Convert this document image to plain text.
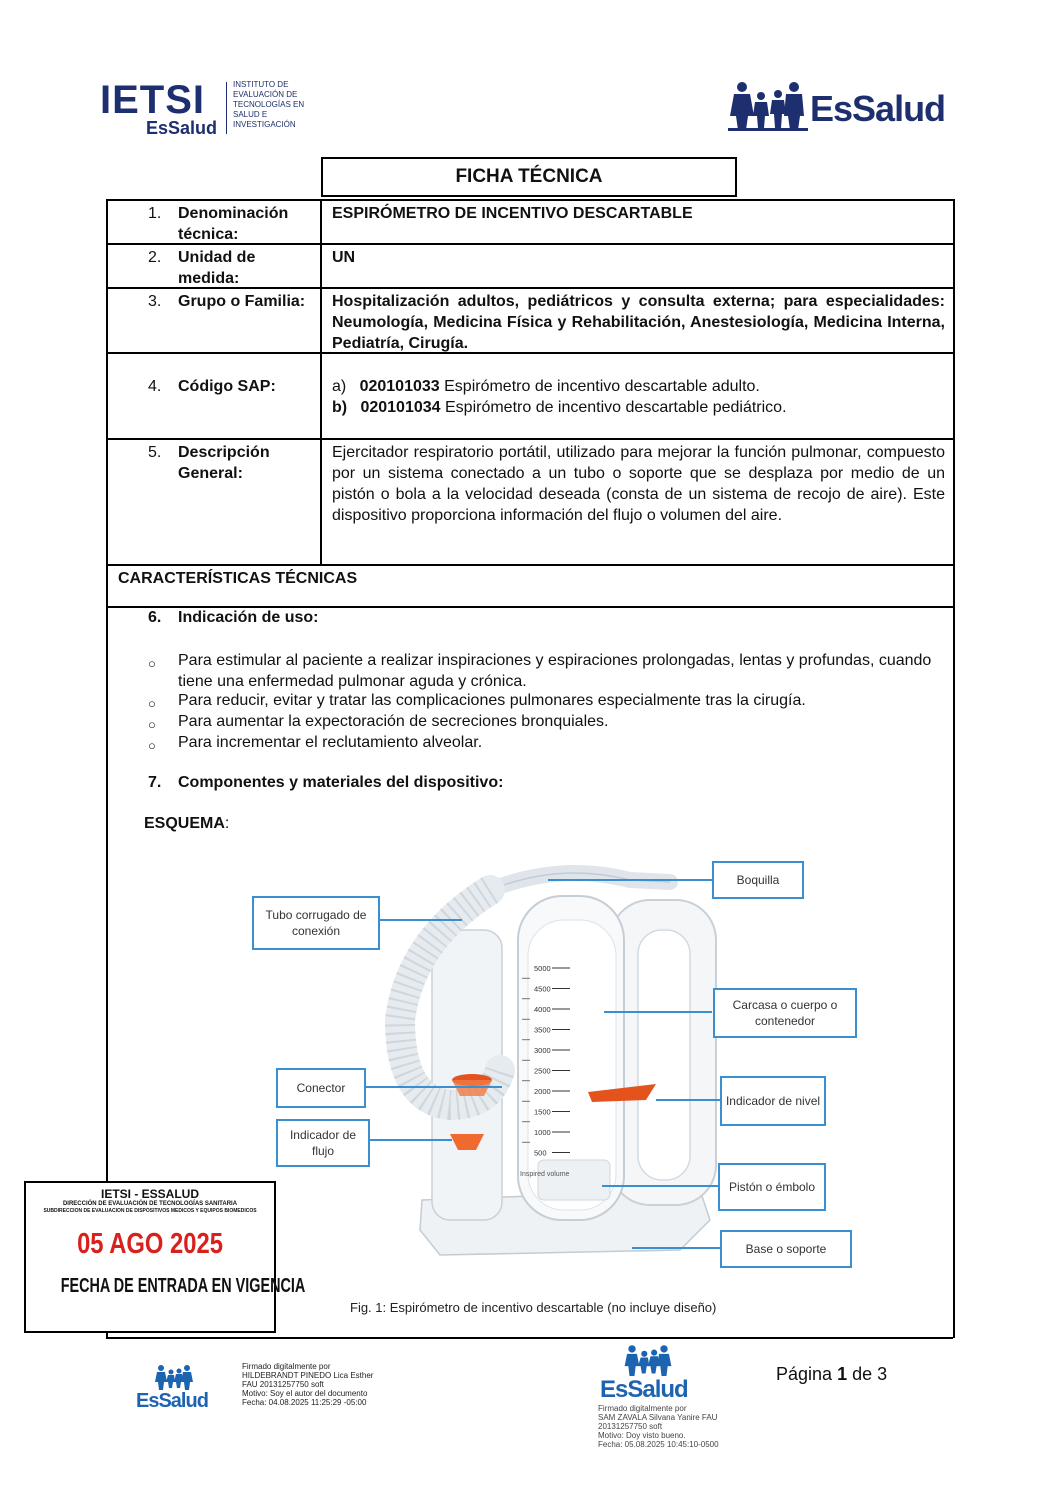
IETSI
EsSalud
INSTITUTO DE EVALUACIÓN DE TECNOLOGÍAS EN SALUD E INVESTIGACIÓN	EsSalud
FICHA TÉCNICA
1. Denominación técnica:
ESPIRÓMETRO DE INCENTIVO DESCARTABLE
2. Unidad de medida:
UN
3. Grupo o Familia:	Hospitalización adultos, pediátricos y consulta externa; para especialidades: Neumología, Medicina Física y Rehabilitación, Anestesiología, Medicina Interna, Pediatría, Cirugía.
4. Código SAP:	a) 020101033 Espirómetro de incentivo descartable adulto.
b) 020101034 Espirómetro de incentivo descartable pediátrico.
5. Descripción General:
Ejercitador respiratorio portátil, utilizado para mejorar la función pulmonar, compuesto por un sistema conectado a un tubo o soporte que se desplaza por medio de un pistón o bola a la velocidad deseada (consta de un sistema de recojo de aire). Este dispositivo proporciona información del flujo o volumen del aire.
CARACTERÍSTICAS TÉCNICAS
6. Indicación de uso:
○ Para estimular al paciente a realizar inspiraciones y espiraciones prolongadas, lentas y profundas, cuando tiene una enfermedad pulmonar aguda y crónica.
○ Para reducir, evitar y tratar las complicaciones pulmonares especialmente tras la cirugía.
○ Para aumentar la expectoración de secreciones bronquiales.
○ Para incrementar el reclutamiento alveolar.
7. Componentes y materiales del dispositivo:
ESQUEMA:
5000
4500
4000
3500
3000
2500
2000
1500
1000
500
Inspired volume
Boquilla
Tubo corrugado de conexión
Carcasa o cuerpo o contenedor
Conector
Indicador de nivel
Indicador de flujo
Pistón o émbolo
Base o soporte
Fig. 1: Espirómetro de incentivo descartable (no incluye diseño)
IETSI - ESSALUD
DIRECCIÓN DE EVALUACIÓN DE TECNOLOGÍAS SANITARIA
SUBDIRECCIÓN DE EVALUACIÓN DE DISPOSITIVOS MÉDICOS Y EQUIPOS BIOMÉDICOS
05 AGO 2025
FECHA DE ENTRADA EN VIGENCIA
EsSalud
Firmado digitalmente por
HILDEBRANDT PINEDO Lica Esther
FAU 20131257750 soft
Motivo: Soy el autor del documento
Fecha: 04.08.2025 11:25:29 -05:00	EsSalud
Firmado digitalmente por
SAM ZAVALA Silvana Yanire FAU
20131257750 soft
Motivo: Doy visto bueno.
Fecha: 05.08.2025 10:45:10-0500
Página 1 de 3
